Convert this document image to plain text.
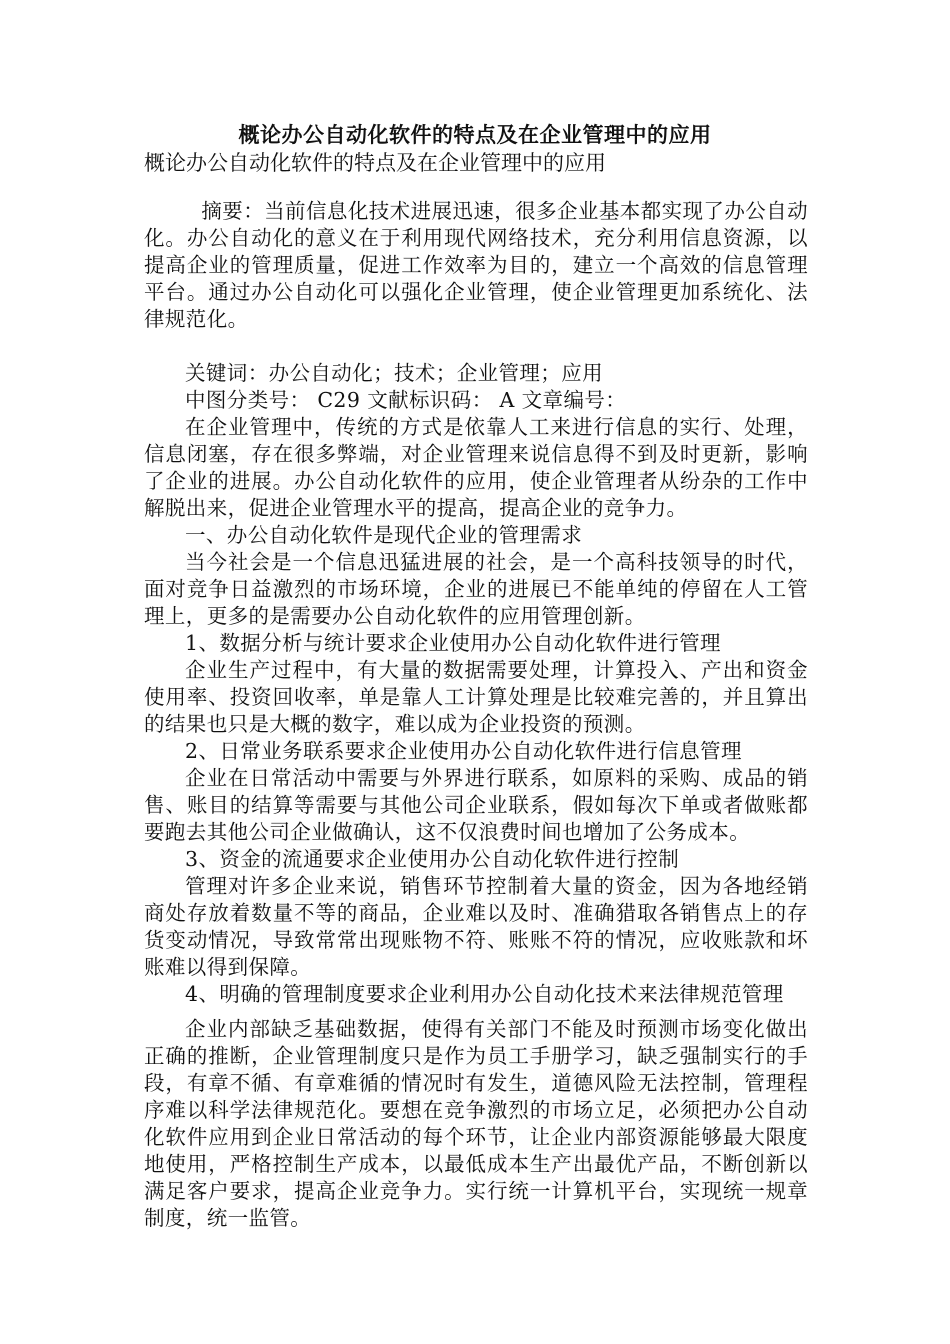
概论办公自动化软件的特点及在企业管理中的应用
概论办公自动化软件的特点及在企业管理中的应用

摘要：当前信息化技术进展迅速，很多企业基本都实现了办公自动化。办公自动化的意义在于利用现代网络技术，充分利用信息资源，以提高企业的管理质量，促进工作效率为目的，建立一个高效的信息管理平台。通过办公自动化可以强化企业管理，使企业管理更加系统化、法律规范化。

关键词：办公自动化；技术；企业管理；应用

中图分类号： C29 文献标识码： A 文章编号：

在企业管理中，传统的方式是依靠人工来进行信息的实行、处理，信息闭塞，存在很多弊端，对企业管理来说信息得不到及时更新，影响了企业的进展。办公自动化软件的应用，使企业管理者从纷杂的工作中解脱出来，促进企业管理水平的提高，提高企业的竞争力。

一、办公自动化软件是现代企业的管理需求

当今社会是一个信息迅猛进展的社会，是一个高科技领导的时代，面对竞争日益激烈的市场环境，企业的进展已不能单纯的停留在人工管理上，更多的是需要办公自动化软件的应用管理创新。

1、数据分析与统计要求企业使用办公自动化软件进行管理

企业生产过程中，有大量的数据需要处理，计算投入、产出和资金使用率、投资回收率，单是靠人工计算处理是比较难完善的，并且算出的结果也只是大概的数字，难以成为企业投资的预测。

2、日常业务联系要求企业使用办公自动化软件进行信息管理

企业在日常活动中需要与外界进行联系，如原料的采购、成品的销售、账目的结算等需要与其他公司企业联系，假如每次下单或者做账都要跑去其他公司企业做确认，这不仅浪费时间也增加了公务成本。

3、资金的流通要求企业使用办公自动化软件进行控制

管理对许多企业来说，销售环节控制着大量的资金，因为各地经销商处存放着数量不等的商品，企业难以及时、准确猎取各销售点上的存货变动情况，导致常常出现账物不符、账账不符的情况，应收账款和坏账难以得到保障。

4、明确的管理制度要求企业利用办公自动化技术来法律规范管理

企业内部缺乏基础数据，使得有关部门不能及时预测市场变化做出正确的推断，企业管理制度只是作为员工手册学习，缺乏强制实行的手段，有章不循、有章难循的情况时有发生，道德风险无法控制，管理程序难以科学法律规范化。要想在竞争激烈的市场立足，必须把办公自动化软件应用到企业日常活动的每个环节，让企业内部资源能够最大限度地使用，严格控制生产成本，以最低成本生产出最优产品，不断创新以满足客户要求，提高企业竞争力。实行统一计算机平台，实现统一规章制度，统一监管。
